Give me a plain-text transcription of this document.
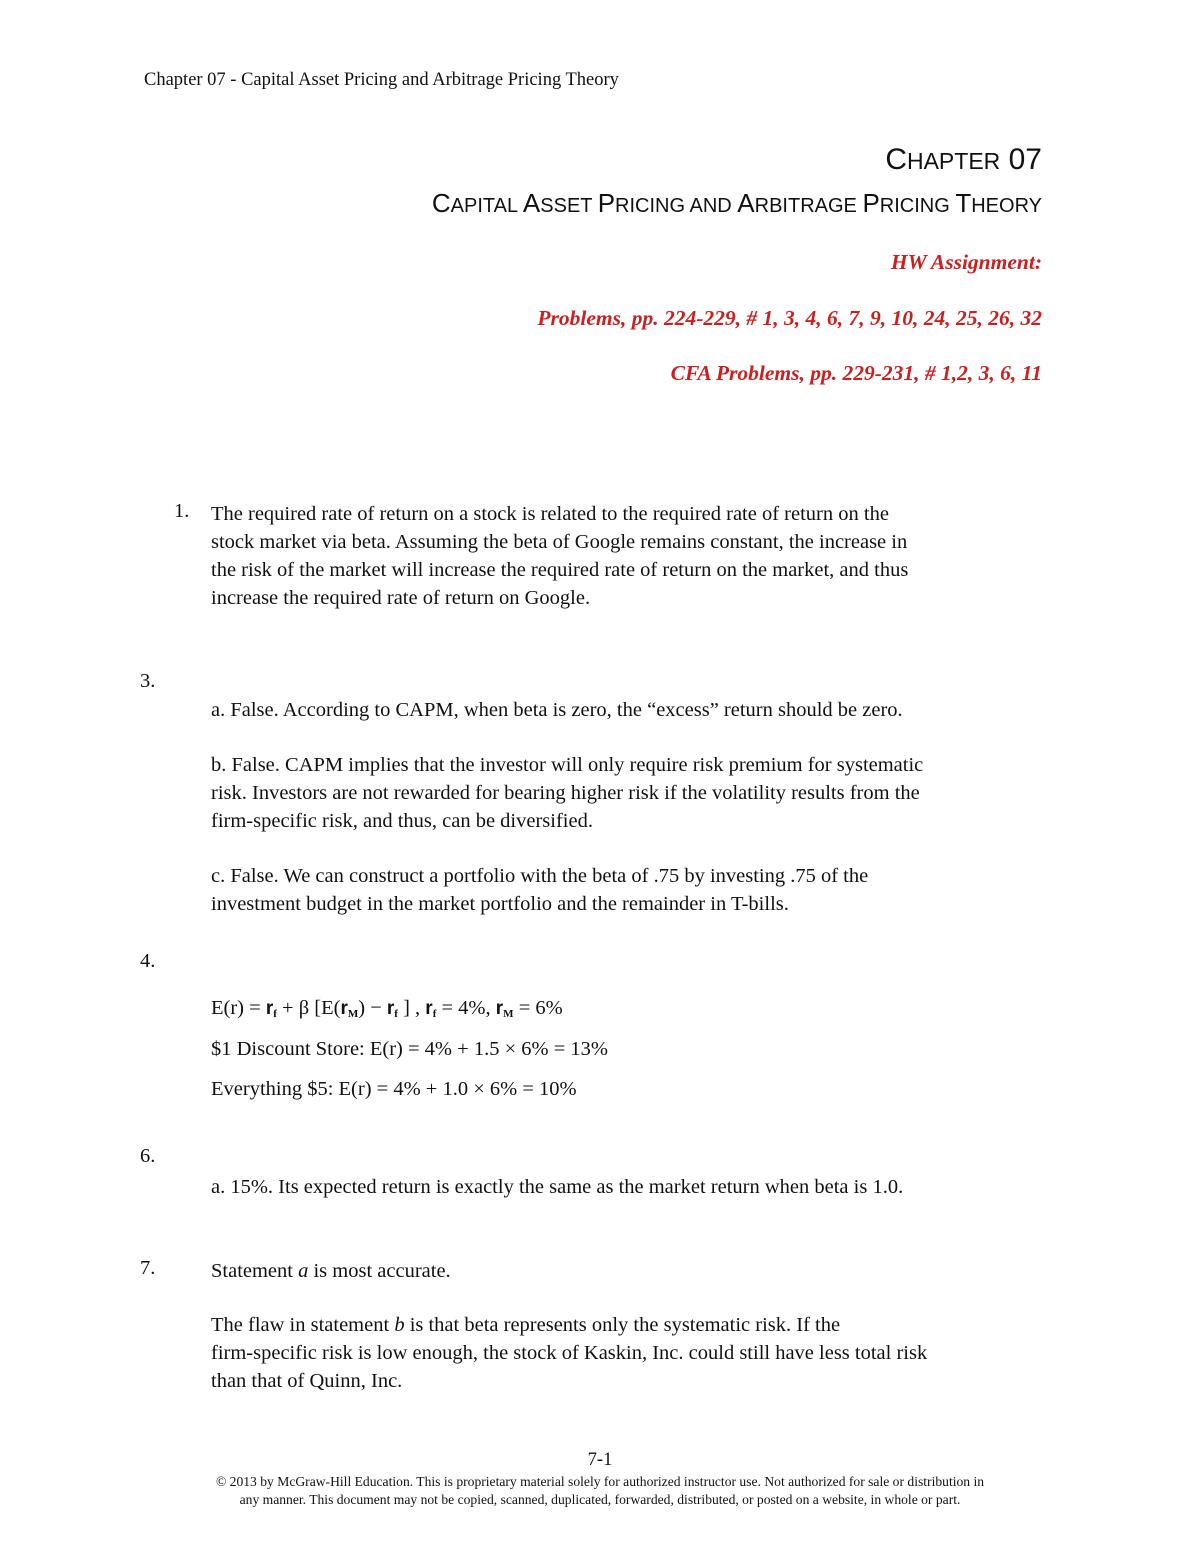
Chapter 07 - Capital Asset Pricing and Arbitrage Pricing Theory
CHAPTER 07
CAPITAL ASSET PRICING AND ARBITRAGE PRICING THEORY
HW Assignment:
Problems, pp. 224-229, # 1, 3, 4, 6, 7, 9, 10, 24, 25, 26, 32
CFA Problems, pp. 229-231, # 1,2, 3, 6, 11
1. The required rate of return on a stock is related to the required rate of return on the
stock market via beta. Assuming the beta of Google remains constant, the increase in
the risk of the market will increase the required rate of return on the market, and thus
increase the required rate of return on Google.
3.
a. False. According to CAPM, when beta is zero, the “excess” return should be zero.
b. False. CAPM implies that the investor will only require risk premium for systematic
risk. Investors are not rewarded for bearing higher risk if the volatility results from the
firm-specific risk, and thus, can be diversified.
c. False. We can construct a portfolio with the beta of .75 by investing .75 of the
investment budget in the market portfolio and the remainder in T-bills.
4.
$E(r) = r_f + \beta$ [$E(r_M) - r_f$ ] , $r_f = 4\%$, $r_M = 6\%$
$1 Discount Store: E(r) = 4% + 1.5 × 6% = 13%
Everything $5: E(r) = 4% + 1.0 × 6% = 10%
6.
a. 15%. Its expected return is exactly the same as the market return when beta is 1.0.
7.	Statement a is most accurate.
The flaw in statement b is that beta represents only the systematic risk. If the
firm-specific risk is low enough, the stock of Kaskin, Inc. could still have less total risk
than that of Quinn, Inc.
7-1
© 2013 by McGraw-Hill Education. This is proprietary material solely for authorized instructor use. Not authorized for sale or distribution in
any manner. This document may not be copied, scanned, duplicated, forwarded, distributed, or posted on a website, in whole or part.
